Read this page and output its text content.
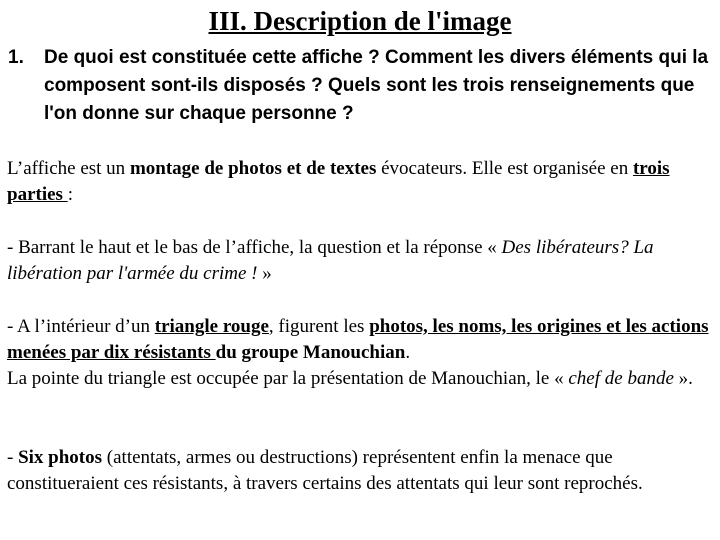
III. Description de l'image
1.	De quoi est constituée cette affiche ? Comment les divers éléments qui la composent sont-ils disposés ? Quels sont les trois renseignements que l'on donne sur chaque personne ?

L’affiche est un montage de photos et de textes évocateurs. Elle est organisée en trois parties :

- Barrant le haut et le bas de l’affiche, la question et la réponse « Des libérateurs? La libération par l'armée du crime ! »

- A l’intérieur d’un triangle rouge, figurent les photos, les noms, les origines et les actions menées par dix résistants du groupe Manouchian.
La pointe du triangle est occupée par la présentation de Manouchian, le « chef de bande ».

- Six photos (attentats, armes ou destructions) représentent enfin la menace que constitueraient ces résistants, à travers certains des attentats qui leur sont reprochés.
